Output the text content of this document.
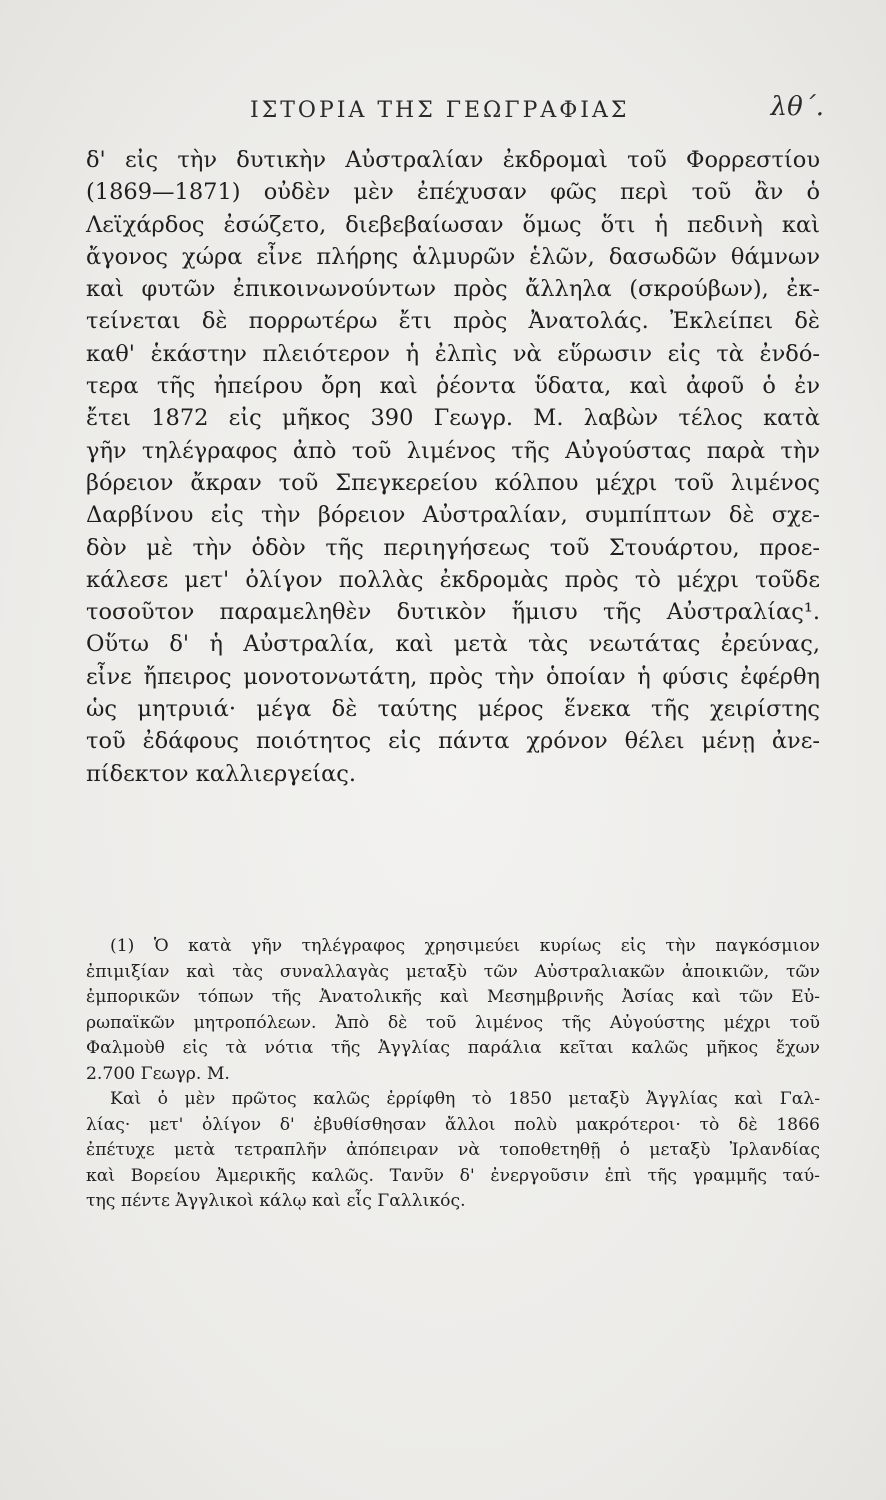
ΙΣΤΟΡΙΑ ΤΗΣ ΓΕΩΓΡΑΦΙΑΣ	λθ΄.
δ' εἰς τὴν δυτικὴν Αὐστραλίαν ἐκδρομαὶ τοῦ Φορρεστίου
(1869—1871) οὐδὲν μὲν ἐπέχυσαν φῶς περὶ τοῦ ἂν ὁ
Λεϊχάρδος ἐσώζετο, διεβεβαίωσαν ὅμως ὅτι ἡ πεδινὴ καὶ
ἄγονος χώρα εἶνε πλήρης ἁλμυρῶν ἑλῶν, δασωδῶν θάμνων
καὶ φυτῶν ἐπικοινωνούντων πρὸς ἄλληλα (σκρούβων), ἐκ-
τείνεται δὲ πορρωτέρω ἔτι πρὸς Ἀνατολάς. Ἐκλείπει δὲ
καθ' ἑκάστην πλειότερον ἡ ἐλπὶς νὰ εὕρωσιν εἰς τὰ ἐνδό-
τερα τῆς ἠπείρου ὄρη καὶ ῥέοντα ὕδατα, καὶ ἀφοῦ ὁ ἐν
ἔτει 1872 εἰς μῆκος 390 Γεωγρ. Μ. λαβὼν τέλος κατὰ
γῆν τηλέγραφος ἀπὸ τοῦ λιμένος τῆς Αὐγούστας παρὰ τὴν
βόρειον ἄκραν τοῦ Σπεγκερείου κόλπου μέχρι τοῦ λιμένος
Δαρβίνου εἰς τὴν βόρειον Αὐστραλίαν, συμπίπτων δὲ σχε-
δὸν μὲ τὴν ὁδὸν τῆς περιηγήσεως τοῦ Στουάρτου, προε-
κάλεσε μετ' ὀλίγον πολλὰς ἐκδρομὰς πρὸς τὸ μέχρι τοῦδε
τοσοῦτον παραμεληθὲν δυτικὸν ἥμισυ τῆς Αὐστραλίας¹.
Οὕτω δ' ἡ Αὐστραλία, καὶ μετὰ τὰς νεωτάτας ἐρεύνας,
εἶνε ἤπειρος μονοτονωτάτη, πρὸς τὴν ὁποίαν ἡ φύσις ἐφέρθη
ὡς μητρυιά· μέγα δὲ ταύτης μέρος ἕνεκα τῆς χειρίστης
τοῦ ἐδάφους ποιότητος εἰς πάντα χρόνον θέλει μένῃ ἀνε-
πίδεκτον καλλιεργείας.
(1) Ὁ κατὰ γῆν τηλέγραφος χρησιμεύει κυρίως εἰς τὴν παγκόσμιον
ἐπιμιξίαν καὶ τὰς συναλλαγὰς μεταξὺ τῶν Αὐστραλιακῶν ἀποικιῶν, τῶν
ἐμπορικῶν τόπων τῆς Ἀνατολικῆς καὶ Μεσημβρινῆς Ἀσίας καὶ τῶν Εὐ-
ρωπαϊκῶν μητροπόλεων. Ἀπὸ δὲ τοῦ λιμένος τῆς Αὐγούστης μέχρι τοῦ
Φαλμοὺθ εἰς τὰ νότια τῆς Ἀγγλίας παράλια κεῖται καλῶς μῆκος ἔχων
2.700 Γεωγρ. Μ.
Καὶ ὁ μὲν πρῶτος καλῶς ἐρρίφθη τὸ 1850 μεταξὺ Ἀγγλίας καὶ Γαλ-
λίας· μετ' ὀλίγον δ' ἐβυθίσθησαν ἄλλοι πολὺ μακρότεροι· τὸ δὲ 1866
ἐπέτυχε μετὰ τετραπλῆν ἀπόπειραν νὰ τοποθετηθῇ ὁ μεταξὺ Ἰρλανδίας
καὶ Βορείου Ἀμερικῆς καλῶς. Τανῦν δ' ἐνεργοῦσιν ἐπὶ τῆς γραμμῆς ταύ-
της πέντε Ἀγγλικοὶ κάλῳ καὶ εἷς Γαλλικός.
